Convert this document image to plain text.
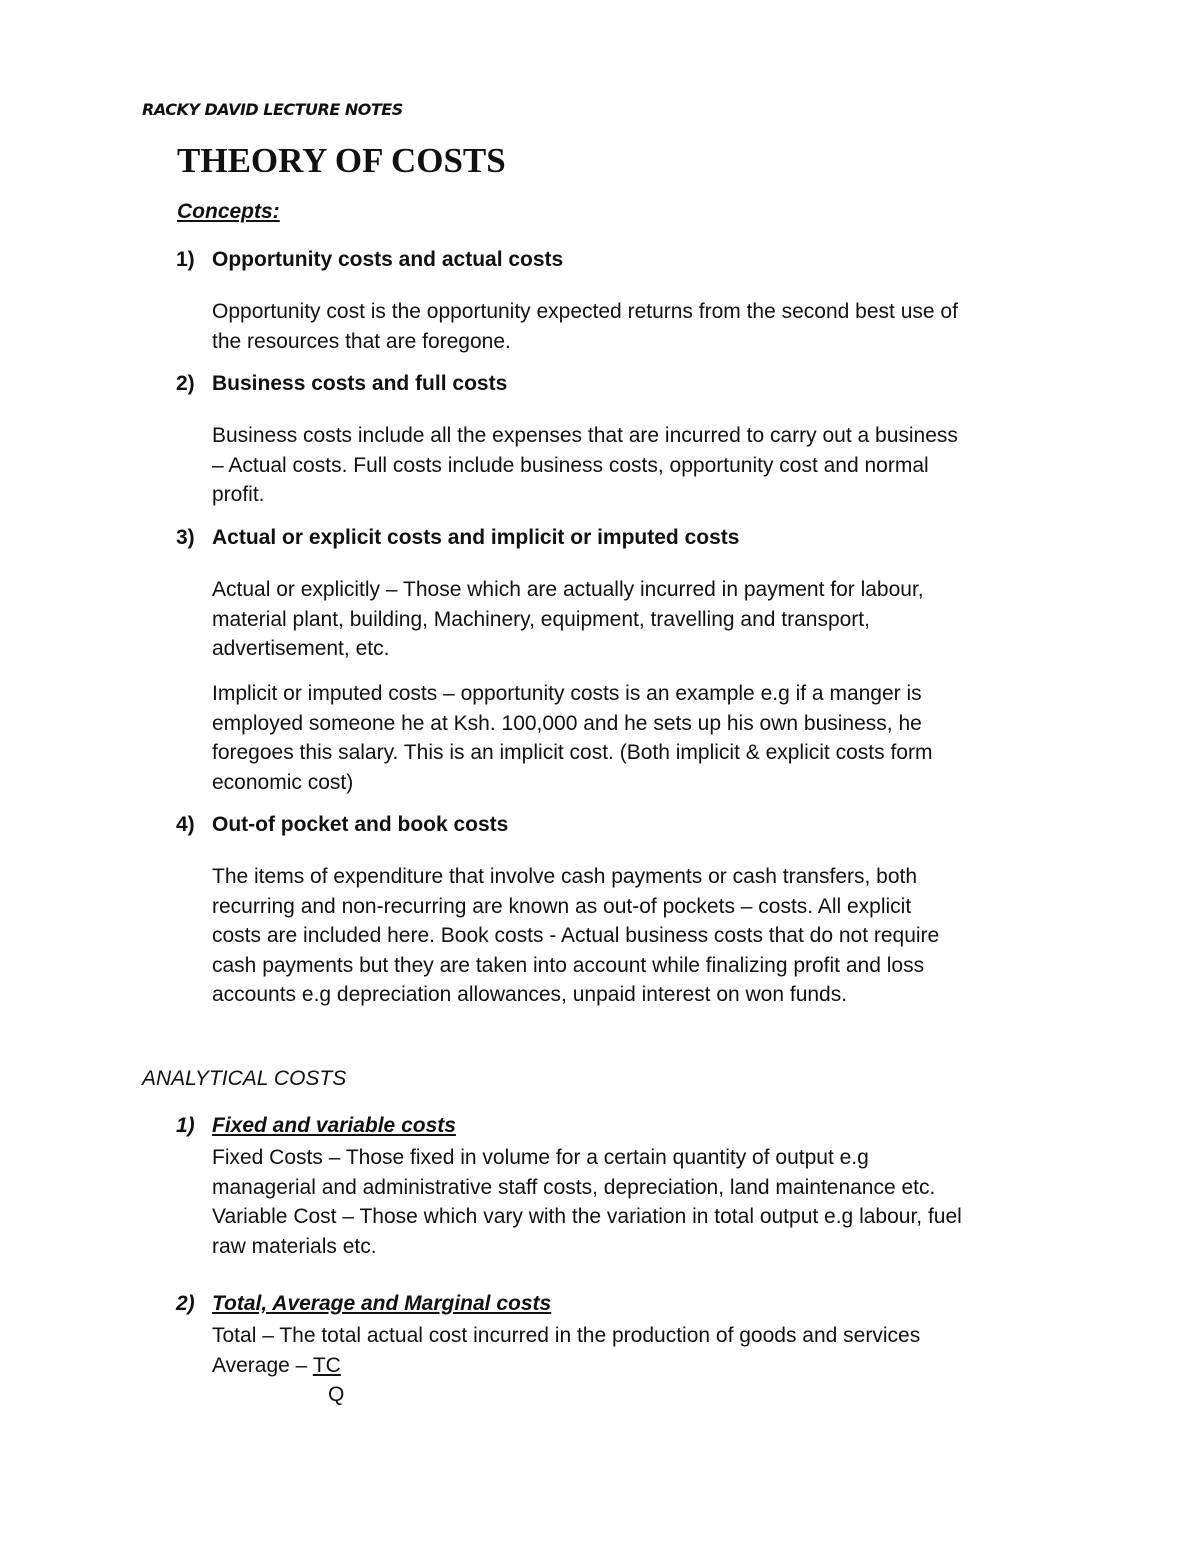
RACKY DAVID LECTURE NOTES
THEORY OF COSTS
Concepts:
1) Opportunity costs and actual costs
Opportunity cost is the opportunity expected returns from the second best use of
the resources that are foregone.
2) Business costs and full costs
Business costs include all the expenses that are incurred to carry out a business
– Actual costs. Full costs include business costs, opportunity cost and normal
profit.
3) Actual or explicit costs and implicit or imputed costs
Actual or explicitly – Those which are actually incurred in payment for labour,
material plant, building, Machinery, equipment, travelling and transport,
advertisement, etc.
Implicit or imputed costs – opportunity costs is an example e.g if a manger is
employed someone he at Ksh. 100,000 and he sets up his own business, he
foregoes this salary. This is an implicit cost. (Both implicit & explicit costs form
economic cost)
4) Out-of pocket and book costs
The items of expenditure that involve cash payments or cash transfers, both
recurring and non-recurring are known as out-of pockets – costs. All explicit
costs are included here. Book costs - Actual business costs that do not require
cash payments but they are taken into account while finalizing profit and loss
accounts e.g depreciation allowances, unpaid interest on won funds.
ANALYTICAL COSTS
1) Fixed and variable costs
Fixed Costs – Those fixed in volume for a certain quantity of output e.g
managerial and administrative staff costs, depreciation, land maintenance etc.
Variable Cost – Those which vary with the variation in total output e.g labour, fuel
raw materials etc.
2) Total, Average and Marginal costs
Total – The total actual cost incurred in the production of goods and services
Average – TC
Q
